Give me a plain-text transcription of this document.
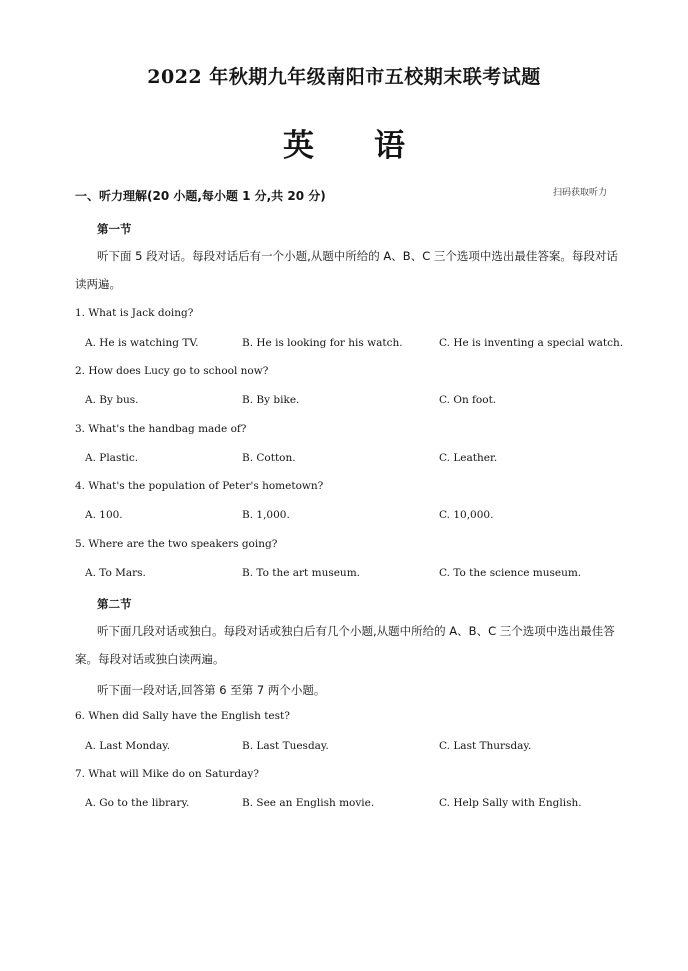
2022 年秋期九年级南阳市五校期末联考试题
英语
一、听力理解(20 小题,每小题 1 分,共 20 分)	扫码获取听力
第一节
听下面 5 段对话。每段对话后有一个小题,从题中所给的 A、B、C 三个选项中选出最佳答案。每段对话读两遍。
1. What is Jack doing?
A. He is watching TV.	B. He is looking for his watch.	C. He is inventing a special watch.
2. How does Lucy go to school now?
A. By bus.	B. By bike.	C. On foot.
3. What's the handbag made of?
A. Plastic.	B. Cotton.	C. Leather.
4. What's the population of Peter's hometown?
A. 100.	B. 1,000.	C. 10,000.
5. Where are the two speakers going?
A. To Mars.	B. To the art museum.	C. To the science museum.
第二节
听下面几段对话或独白。每段对话或独白后有几个小题,从题中所给的 A、B、C 三个选项中选出最佳答案。每段对话或独白读两遍。
听下面一段对话,回答第 6 至第 7 两个小题。
6. When did Sally have the English test?
A. Last Monday.	B. Last Tuesday.	C. Last Thursday.
7. What will Mike do on Saturday?
A. Go to the library.	B. See an English movie.	C. Help Sally with English.
